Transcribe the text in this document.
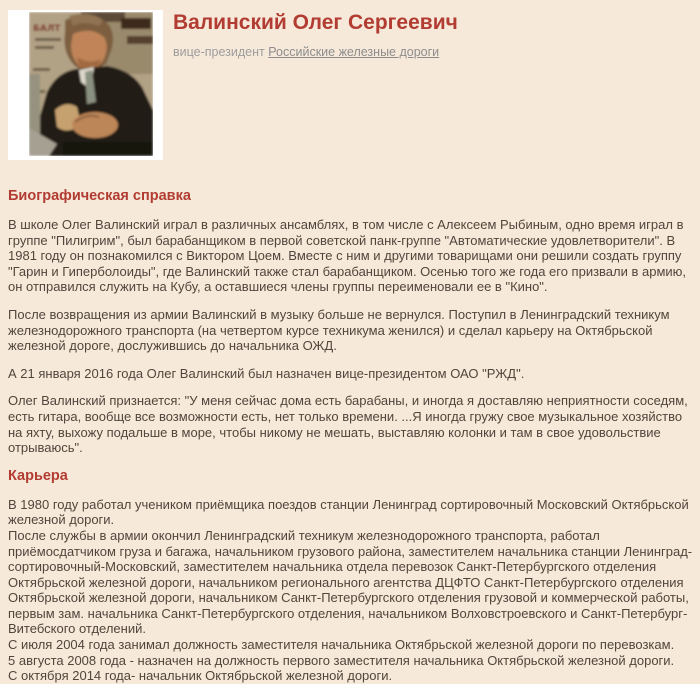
БАЛТ	Валинский Олег Сергеевич
вице-президент Российские железные дороги
Биографическая справка

В школе Олег Валинский играл в различных ансамблях, в том числе с Алексеем Рыбиным, одно время играл в группе "Пилигрим", был барабанщиком в первой советской панк-группе "Автоматические удовлетворители". В 1981 году он познакомился с Виктором Цоем. Вместе с ним и другими товарищами они решили создать группу "Гарин и Гиперболоиды", где Валинский также стал барабанщиком. Осенью того же года его призвали в армию, он отправился служить на Кубу, а оставшиеся члены группы переименовали ее в "Кино".

После возвращения из армии Валинский в музыку больше не вернулся. Поступил в Ленинградский техникум железнодорожного транспорта (на четвертом курсе техникума женился) и сделал карьеру на Октябрьской железной дороге, дослужившись до начальника ОЖД.

А 21 января 2016 года Олег Валинский был назначен вице-президентом ОАО "РЖД".

Олег Валинский признается: "У меня сейчас дома есть барабаны, и иногда я доставляю неприятности соседям, есть гитара, вообще все возможности есть, нет только времени. ...Я иногда гружу свое музыкальное хозяйство на яхту, выхожу подальше в море, чтобы никому не мешать, выставляю колонки и там в свое удовольствие отрываюсь".

Карьера

В 1980 году работал учеником приёмщика поездов станции Ленинград сортировочный Московский Октябрьской железной дороги.

После службы в армии окончил Ленинградский техникум железнодорожного транспорта, работал приёмосдатчиком груза и багажа, начальником грузового района, заместителем начальника станции Ленинград-сортировочный-Московский, заместителем начальника отдела перевозок Санкт-Петербургского отделения Октябрьской железной дороги, начальником регионального агентства ДЦФТО Санкт-Петербургского отделения Октябрьской железной дороги, начальником Санкт-Петербургского отделения грузовой и коммерческой работы, первым зам. начальника Санкт-Петербургского отделения, начальником Волховстроевского и Санкт-Петербург-Витебского отделений.

С июля 2004 года занимал должность заместителя начальника Октябрьской железной дороги по перевозкам.

5 августа 2008 года - назначен на должность первого заместителя начальника Октябрьской железной дороги.

С октября 2014 года- начальник Октябрьской железной дороги.
